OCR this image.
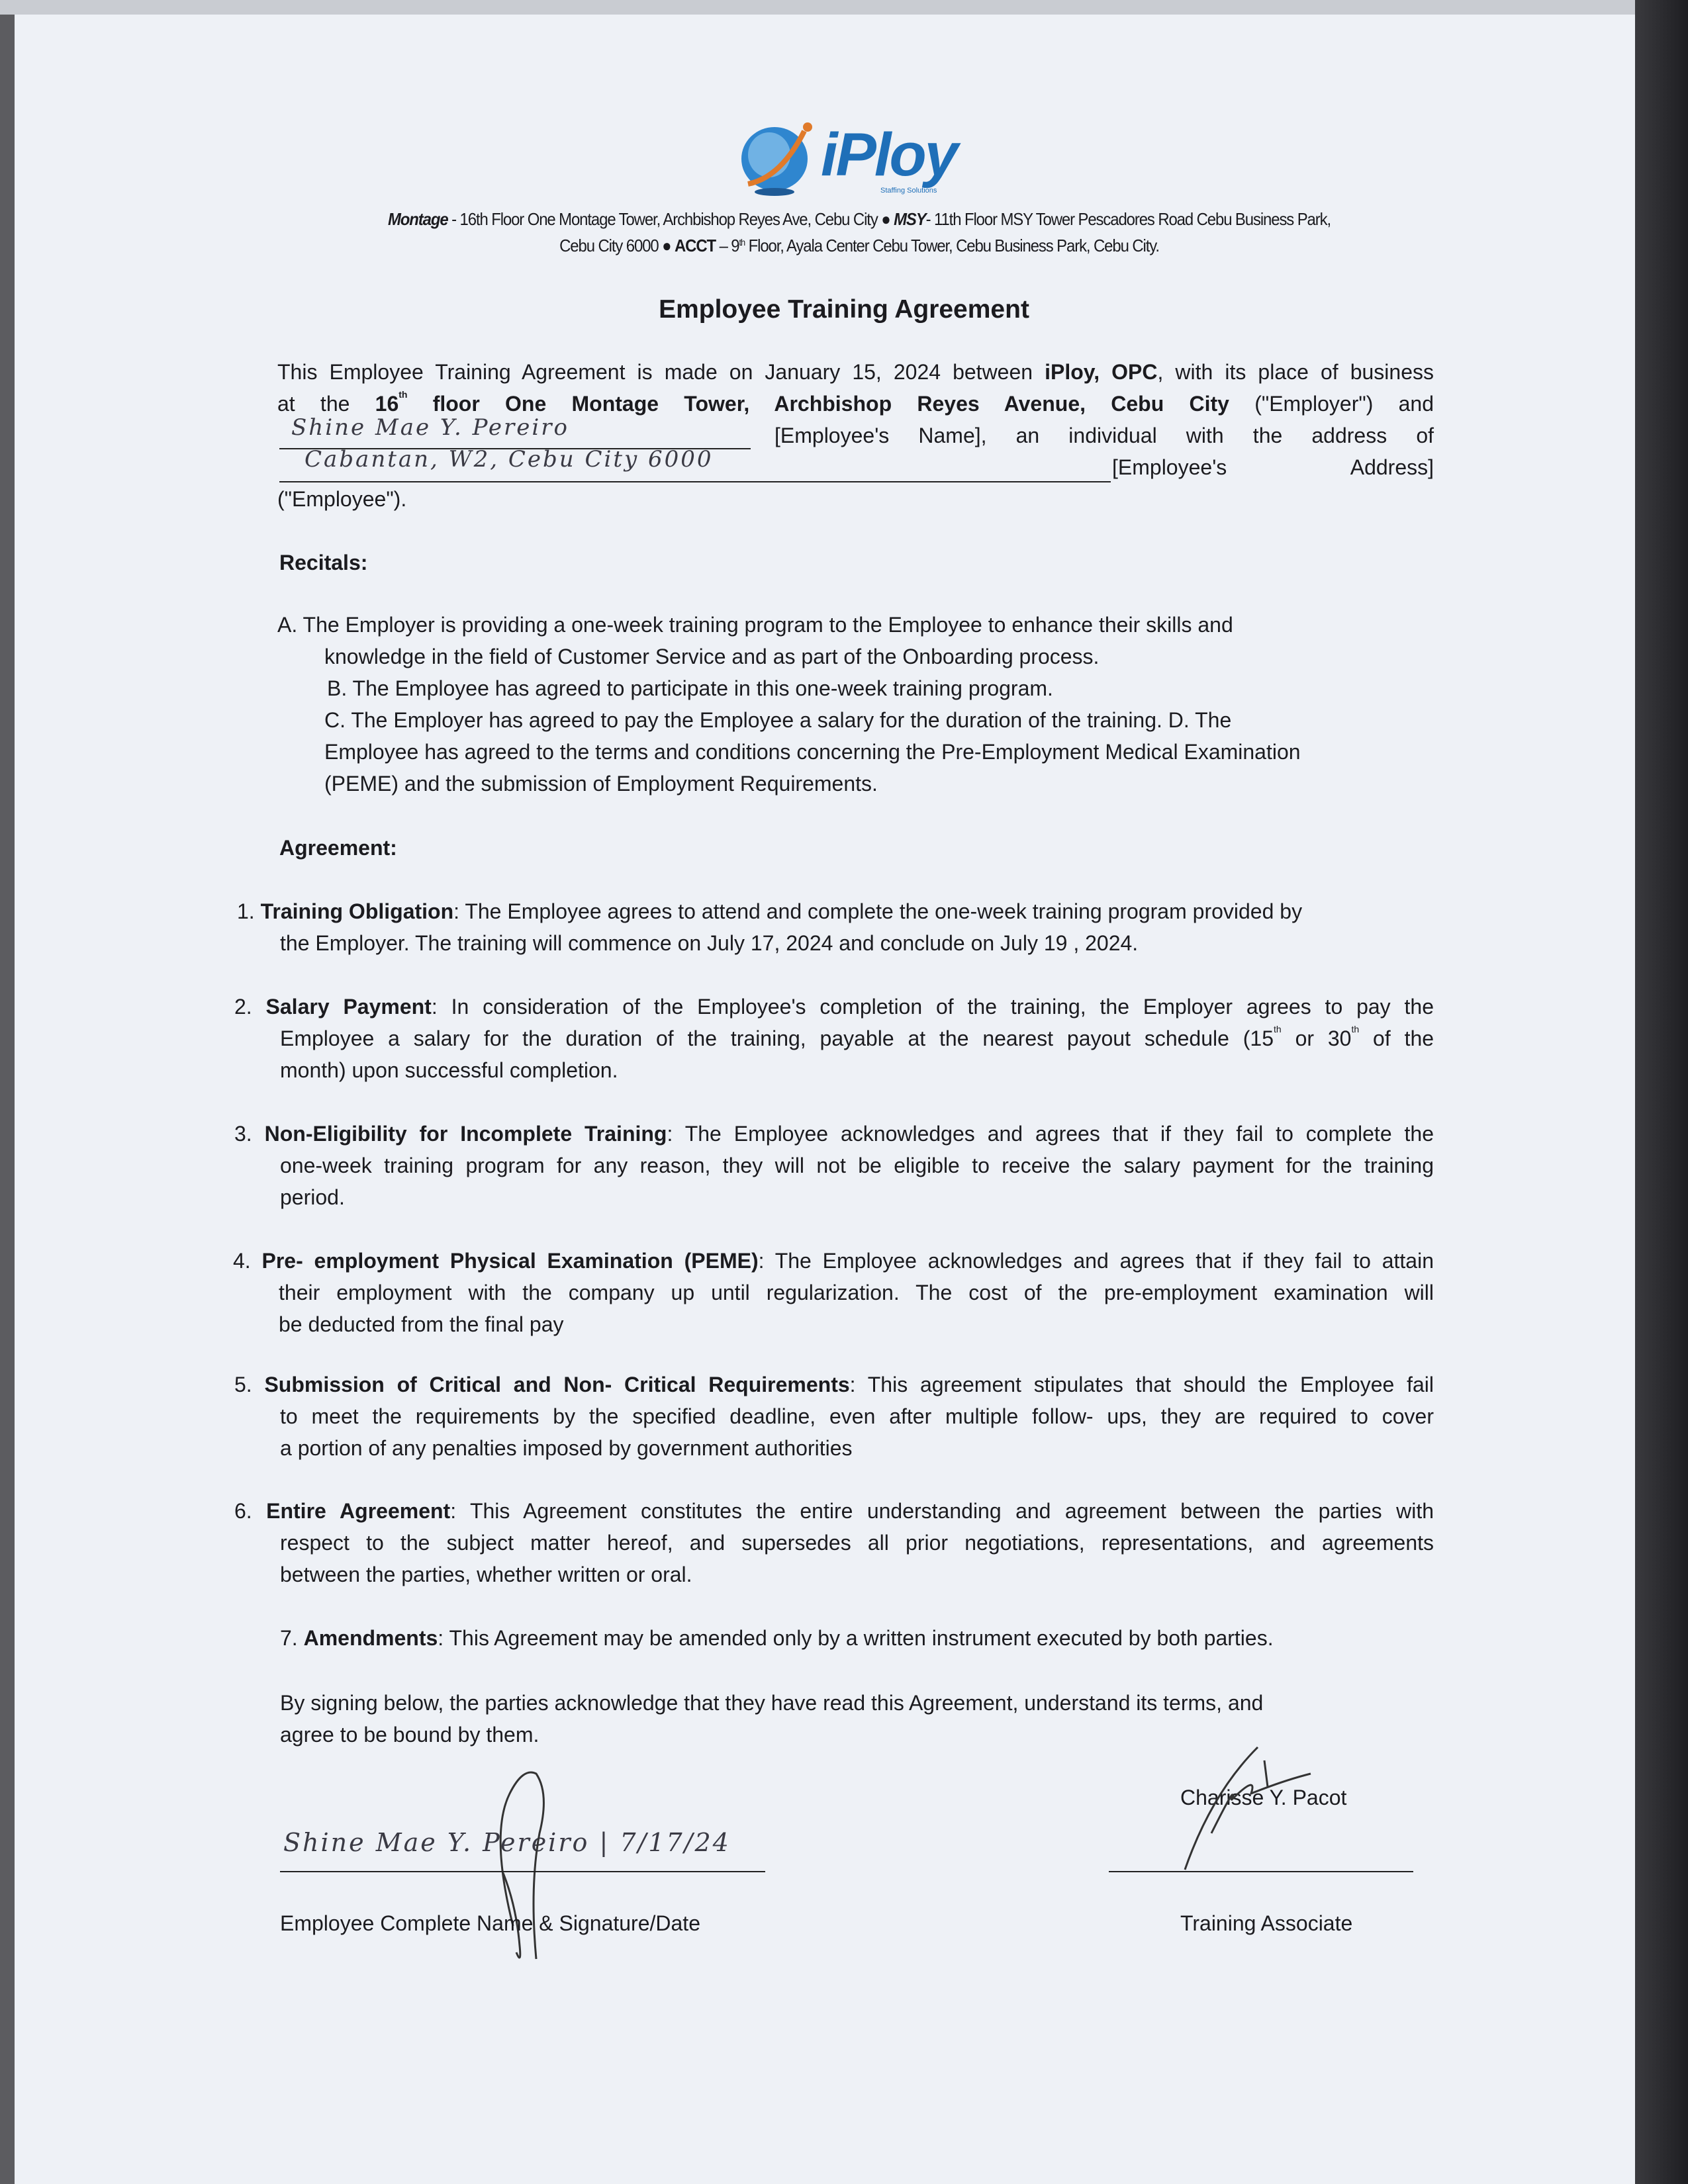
iPloy
Staffing Solutions
Montage - 16th Floor One Montage Tower, Archbishop Reyes Ave, Cebu City ● MSY- 11th Floor MSY Tower Pescadores Road Cebu Business Park,
Cebu City 6000 ● ACCT – 9th Floor, Ayala Center Cebu Tower, Cebu Business Park, Cebu City.
Employee Training Agreement
This Employee Training Agreement is made on January 15, 2024 between iPloy, OPC, with its place of business
at the 16th floor One Montage Tower, Archbishop Reyes Avenue, Cebu City ("Employer") and
Shine Mae Y. Pereiro	[Employee's Name], an individual with the address of
Cabantan, W2, Cebu City 6000	[Employee's	Address]
("Employee").
Recitals:
A. The Employer is providing a one-week training program to the Employee to enhance their skills and
knowledge in the field of Customer Service and as part of the Onboarding process.
B. The Employee has agreed to participate in this one-week training program.
C. The Employer has agreed to pay the Employee a salary for the duration of the training. D. The
Employee has agreed to the terms and conditions concerning the Pre-Employment Medical Examination
(PEME) and the submission of Employment Requirements.
Agreement:
1. Training Obligation: The Employee agrees to attend and complete the one-week training program provided by
the Employer. The training will commence on July 17, 2024 and conclude on July 19 , 2024.
2. Salary Payment: In consideration of the Employee's completion of the training, the Employer agrees to pay the
Employee a salary for the duration of the training, payable at the nearest payout schedule (15th or 30th of the
month) upon successful completion.
3. Non-Eligibility for Incomplete Training: The Employee acknowledges and agrees that if they fail to complete the
one-week training program for any reason, they will not be eligible to receive the salary payment for the training
period.
4. Pre- employment Physical Examination (PEME): The Employee acknowledges and agrees that if they fail to attain
their employment with the company up until regularization. The cost of the pre-employment examination will
be deducted from the final pay
5. Submission of Critical and Non- Critical Requirements: This agreement stipulates that should the Employee fail
to meet the requirements by the specified deadline, even after multiple follow- ups, they are required to cover
a portion of any penalties imposed by government authorities
6. Entire Agreement: This Agreement constitutes the entire understanding and agreement between the parties with
respect to the subject matter hereof, and supersedes all prior negotiations, representations, and agreements
between the parties, whether written or oral.
7. Amendments: This Agreement may be amended only by a written instrument executed by both parties.
By signing below, the parties acknowledge that they have read this Agreement, understand its terms, and
agree to be bound by them.
Shine Mae Y. Pereiro | 7/17/24
Employee Complete Name & Signature/Date
Charisse Y. Pacot
Training Associate
